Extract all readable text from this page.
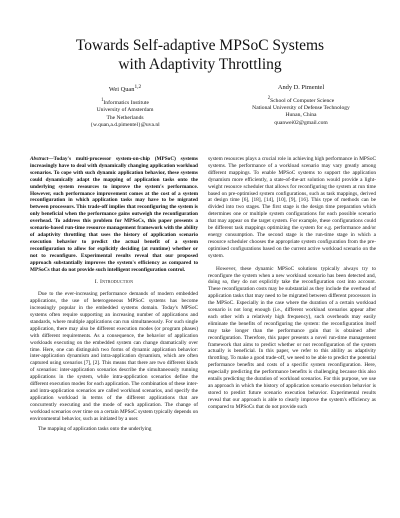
Towards Self-adaptive MPSoC Systems
with Adaptivity Throttling
Wei Quan$^{1,2}$
$^1$Informatics Institute
University of Amsterdam
The Netherlands
{w.quan,a.d.pimentel}@uva.nl
Andy D. Pimentel
$^2$School of Computer Science
National University of Defense Technology
Hunan, China
quanwei02@gmail.com

Abstract—Today's multi-processor system-on-chip (MPSoC) systems increasingly have to deal with dynamically changing application workload scenarios. To cope with such dynamic application behavior, these systems could dynamically adapt the mapping of application tasks onto the underlying system resources to improve the system's performance. However, such performance improvement comes at the cost of a system reconfiguration in which application tasks may have to be migrated between processors. This trade-off implies that reconfiguring the system is only beneficial when the performance gains outweigh the reconfiguration overhead. To address this problem for MPSoCs, this paper presents a scenario-based run-time resource management framework with the ability of adaptivity throttling that uses the history of application scenario execution behavior to predict the actual benefit of a system reconfiguration to allow for explicitly deciding (at runtime) whether or not to reconfigure. Experimental results reveal that our proposed approach substantially improves the system's efficiency as compared to MPSoCs that do not provide such intelligent reconfiguration control.

I. Introduction

Due to the ever-increasing performance demands of modern embedded applications, the use of heterogeneous MPSoC systems has become increasingly popular in the embedded systems domain. Today's MPSoC systems often require supporting an increasing number of applications and standards, where multiple applications can run simultaneously. For such single application, there may also be different execution modes (or program phases) with different requirements. As a consequence, the behavior of application workloads executing on the embedded system can change dramatically over time. Here, one can distinguish two forms of dynamic application behavior: inter-application dynamism and intra-application dynamism, which are often captured using scenarios [7], [2]. This means that there are two different kinds of scenarios: inter-application scenarios describe the simultaneously running applications in the system, while intra-application scenarios define the different execution modes for each application. The combination of these inter- and intra-application scenarios are called workload scenarios, and specify the application workload in terms of the different applications that are concurrently executing and the mode of each application. The change of workload scenarios over time on a certain MPSoC system typically depends on environmental behavior, such as initiated by a user.

The mapping of application tasks onto the underlying

system resources plays a crucial role in achieving high performance in MPSoC systems. The performance of a workload scenario may vary greatly among different mappings. To enable MPSoC systems to support the application dynamism more efficiently, a state-of-the-art solution would provide a light-weight resource scheduler that allows for reconfiguring the system at run time based on pre-optimised system configurations, such as task mappings, derived at design time [6], [18], [14], [10], [9], [16]. This type of methods can be divided into two stages. The first stage is the design time preparation which determines one or multiple system configurations for each possible scenario that may appear on the target system. For example, these configurations could be different task mappings optimizing the system for e.g. performance and/or energy consumption. The second stage is the run-time stage in which a resource scheduler chooses the appropriate system configuration from the pre-optimised configurations based on the current active workload scenario on the system.

However, these dynamic MPSoC solutions typically always try to reconfigure the system when a new workload scenario has been detected and, doing so, they do not explicitly take the reconfiguration cost into account. These reconfiguration costs may be substantial as they include the overhead of application tasks that may need to be migrated between different processors in the MPSoC. Especially in the case where the duration of a certain workload scenario is not long enough (i.e., different workload scenarios appear after each other with a relatively high frequency), such overheads may easily eliminate the benefits of reconfiguring the system: the reconfiguration itself may take longer than the performance gain that is obtained after reconfiguration. Therefore, this paper presents a novel run-time management framework that aims to predict whether or not reconfiguration of the system actually is beneficial. In this paper, we refer to this ability as adaptivity throttling. To make a good trade-off, we need to be able to predict the potential performance benefits and costs of a specific system reconfiguration. Here, especially predicting the performance benefits is challenging because this also entails predicting the duration of workload scenarios. For this purpose, we use an approach in which the history of application scenario execution behavior is stored to predict future scenario execution behavior. Experimental results reveal that our approach is able to clearly improve the system's efficiency as compared to MPSoCs that do not provide such
